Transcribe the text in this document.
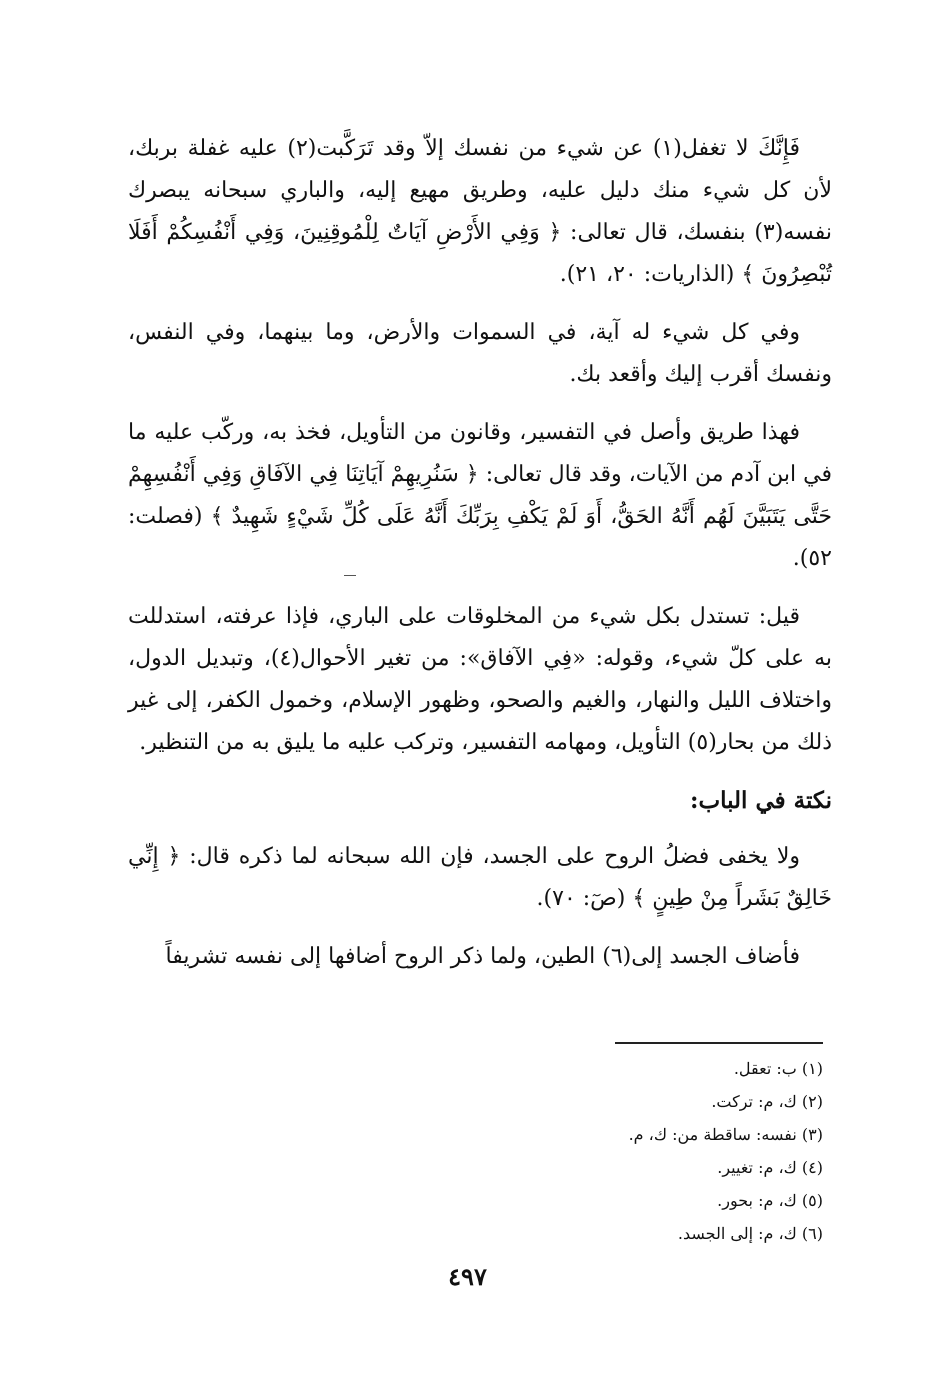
فَإِنَّكَ لا تغفل(١) عن شيء من نفسك إلاّ وقد تَرَكَّبت(٢) عليه غفلة بربك، لأن كل شيء منك دليل عليه، وطريق مهيع إليه، والباري سبحانه يبصرك نفسه(٣) بنفسك، قال تعالى: ﴿ وَفِي الأَرْضِ آيَاتٌ لِلْمُوقِنِينَ، وَفِي أَنْفُسِكُمْ أَفَلَا تُبْصِرُونَ ﴾ (الذاريات: ٢٠، ٢١).

وفي كل شيء له آية، في السموات والأرض، وما بينهما، وفي النفس، ونفسك أقرب إليك وأقعد بك.

فهذا طريق وأصل في التفسير، وقانون من التأويل، فخذ به، وركّب عليه ما في ابن آدم من الآيات، وقد قال تعالى: ﴿ سَنُرِيهِمْ آيَاتِنَا فِي الآفَاقِ وَفِي أَنْفُسِهِمْ حَتَّى يَتَبَيَّنَ لَهُم أَنَّهُ الحَقُّ، أَوَ لَمْ يَكْفِ بِرَبِّكَ أَنَّهُ عَلَى كُلِّ شَيْءٍ شَهِيدٌ ﴾ (فصلت: ٥٢).

قيل: تستدل بكل شيء من المخلوقات على الباري، فإذا عرفته، استدللت به على كلّ شيء، وقوله: «فِي الآفاق»: من تغير الأحوال(٤)، وتبديل الدول، واختلاف الليل والنهار، والغيم والصحو، وظهور الإسلام، وخمول الكفر، إلى غير ذلك من بحار(٥) التأويل، ومهامه التفسير، وتركب عليه ما يليق به من التنظير.

نكتة في الباب:

ولا يخفى فضلُ الروح على الجسد، فإن الله سبحانه لما ذكره قال: ﴿ إِنِّي خَالِقٌ بَشَراً مِنْ طِينٍ ﴾ (صٓ: ٧٠).

فأضاف الجسد إلى(٦) الطين، ولما ذكر الروح أضافها إلى نفسه تشريفاً

(١) ب: تعقل.

(٢) ك، م: تركت.

(٣) نفسه: ساقطة من: ك، م.

(٤) ك، م: تغيير.

(٥) ك، م: بحور.

(٦) ك، م: إلى الجسد.

٤٩٧
